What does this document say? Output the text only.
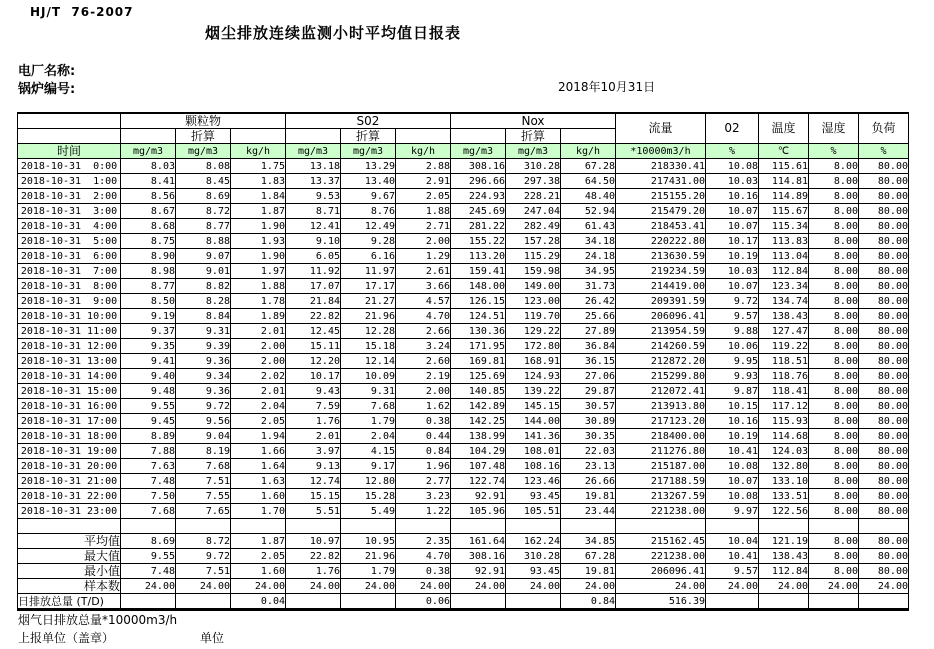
HJ/T  76-2007
烟尘排放连续监测小时平均值日报表
电厂名称:
锅炉编号:	2018年10月31日
	颗粒物			S02			Nox			流量	02	温度	湿度	负荷
		折算			折算			折算						
时间	mg/m3	mg/m3	kg/h	mg/m3	mg/m3	kg/h	mg/m3	mg/m3	kg/h	*10000m3/h	%	℃	%	%
2018-10-31  0:00	8.03	8.08	1.75	13.18	13.29	2.88	308.16	310.28	67.28	218330.41	10.08	115.61	8.00	80.00
2018-10-31  1:00	8.41	8.45	1.83	13.37	13.40	2.91	296.66	297.38	64.50	217431.00	10.03	114.81	8.00	80.00
2018-10-31  2:00	8.56	8.69	1.84	9.53	9.67	2.05	224.93	228.21	48.40	215155.20	10.16	114.89	8.00	80.00
2018-10-31  3:00	8.67	8.72	1.87	8.71	8.76	1.88	245.69	247.04	52.94	215479.20	10.07	115.67	8.00	80.00
2018-10-31  4:00	8.68	8.77	1.90	12.41	12.49	2.71	281.22	282.49	61.43	218453.41	10.07	115.34	8.00	80.00
2018-10-31  5:00	8.75	8.88	1.93	9.10	9.28	2.00	155.22	157.28	34.18	220222.80	10.17	113.83	8.00	80.00
2018-10-31  6:00	8.90	9.07	1.90	6.05	6.16	1.29	113.20	115.29	24.18	213630.59	10.19	113.04	8.00	80.00
2018-10-31  7:00	8.98	9.01	1.97	11.92	11.97	2.61	159.41	159.98	34.95	219234.59	10.03	112.84	8.00	80.00
2018-10-31  8:00	8.77	8.82	1.88	17.07	17.17	3.66	148.00	149.00	31.73	214419.00	10.07	123.34	8.00	80.00
2018-10-31  9:00	8.50	8.28	1.78	21.84	21.27	4.57	126.15	123.00	26.42	209391.59	9.72	134.74	8.00	80.00
2018-10-31 10:00	9.19	8.84	1.89	22.82	21.96	4.70	124.51	119.70	25.66	206096.41	9.57	138.43	8.00	80.00
2018-10-31 11:00	9.37	9.31	2.01	12.45	12.28	2.66	130.36	129.22	27.89	213954.59	9.88	127.47	8.00	80.00
2018-10-31 12:00	9.35	9.39	2.00	15.11	15.18	3.24	171.95	172.80	36.84	214260.59	10.06	119.22	8.00	80.00
2018-10-31 13:00	9.41	9.36	2.00	12.20	12.14	2.60	169.81	168.91	36.15	212872.20	9.95	118.51	8.00	80.00
2018-10-31 14:00	9.40	9.34	2.02	10.17	10.09	2.19	125.69	124.93	27.06	215299.80	9.93	118.76	8.00	80.00
2018-10-31 15:00	9.48	9.36	2.01	9.43	9.31	2.00	140.85	139.22	29.87	212072.41	9.87	118.41	8.00	80.00
2018-10-31 16:00	9.55	9.72	2.04	7.59	7.68	1.62	142.89	145.15	30.57	213913.80	10.15	117.12	8.00	80.00
2018-10-31 17:00	9.45	9.56	2.05	1.76	1.79	0.38	142.25	144.00	30.89	217123.20	10.16	115.93	8.00	80.00
2018-10-31 18:00	8.89	9.04	1.94	2.01	2.04	0.44	138.99	141.36	30.35	218400.00	10.19	114.68	8.00	80.00
2018-10-31 19:00	7.88	8.19	1.66	3.97	4.15	0.84	104.29	108.01	22.03	211276.80	10.41	124.03	8.00	80.00
2018-10-31 20:00	7.63	7.68	1.64	9.13	9.17	1.96	107.48	108.16	23.13	215187.00	10.08	132.80	8.00	80.00
2018-10-31 21:00	7.48	7.51	1.63	12.74	12.80	2.77	122.74	123.46	26.66	217188.59	10.07	133.10	8.00	80.00
2018-10-31 22:00	7.50	7.55	1.60	15.15	15.28	3.23	92.91	93.45	19.81	213267.59	10.08	133.51	8.00	80.00
2018-10-31 23:00	7.68	7.65	1.70	5.51	5.49	1.22	105.96	105.51	23.44	221238.00	9.97	122.56	8.00	80.00

平均值	8.69	8.72	1.87	10.97	10.95	2.35	161.64	162.24	34.85	215162.45	10.04	121.19	8.00	80.00
最大值	9.55	9.72	2.05	22.82	21.96	4.70	308.16	310.28	67.28	221238.00	10.41	138.43	8.00	80.00
最小值	7.48	7.51	1.60	1.76	1.79	0.38	92.91	93.45	19.81	206096.41	9.57	112.84	8.00	80.00
样本数	24.00	24.00	24.00	24.00	24.00	24.00	24.00	24.00	24.00	24.00	24.00	24.00	24.00	24.00
日排放总量 (T/D)			0.04			0.06			0.84	516.39				
烟气日排放总量*10000m3/h
上报单位（盖章）	单位
